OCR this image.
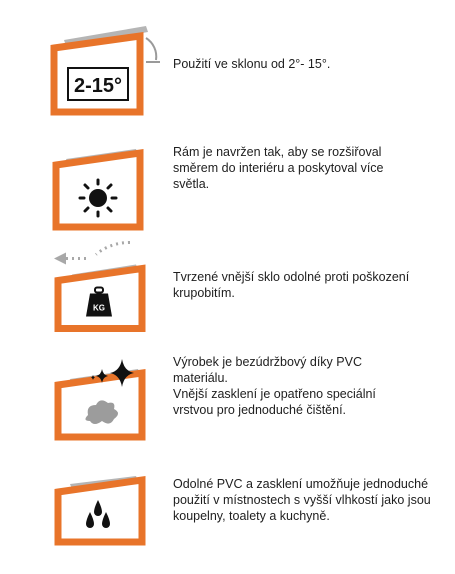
2-15°
Použití ve sklonu od 2°- 15°.
Rám je navržen tak, aby se rozšiřoval
směrem do interiéru a poskytoval více
světla.
KG
Tvrzené vnější sklo odolné proti poškození
krupobitím.
Výrobek je bezúdržbový díky PVC
materiálu.
Vnější zasklení je opatřeno speciální
vrstvou pro jednoduché čištění.
Odolné PVC a zasklení umožňuje jednoduché
použití v místnostech s vyšší vlhkostí jako jsou
koupelny, toalety a kuchyně.
